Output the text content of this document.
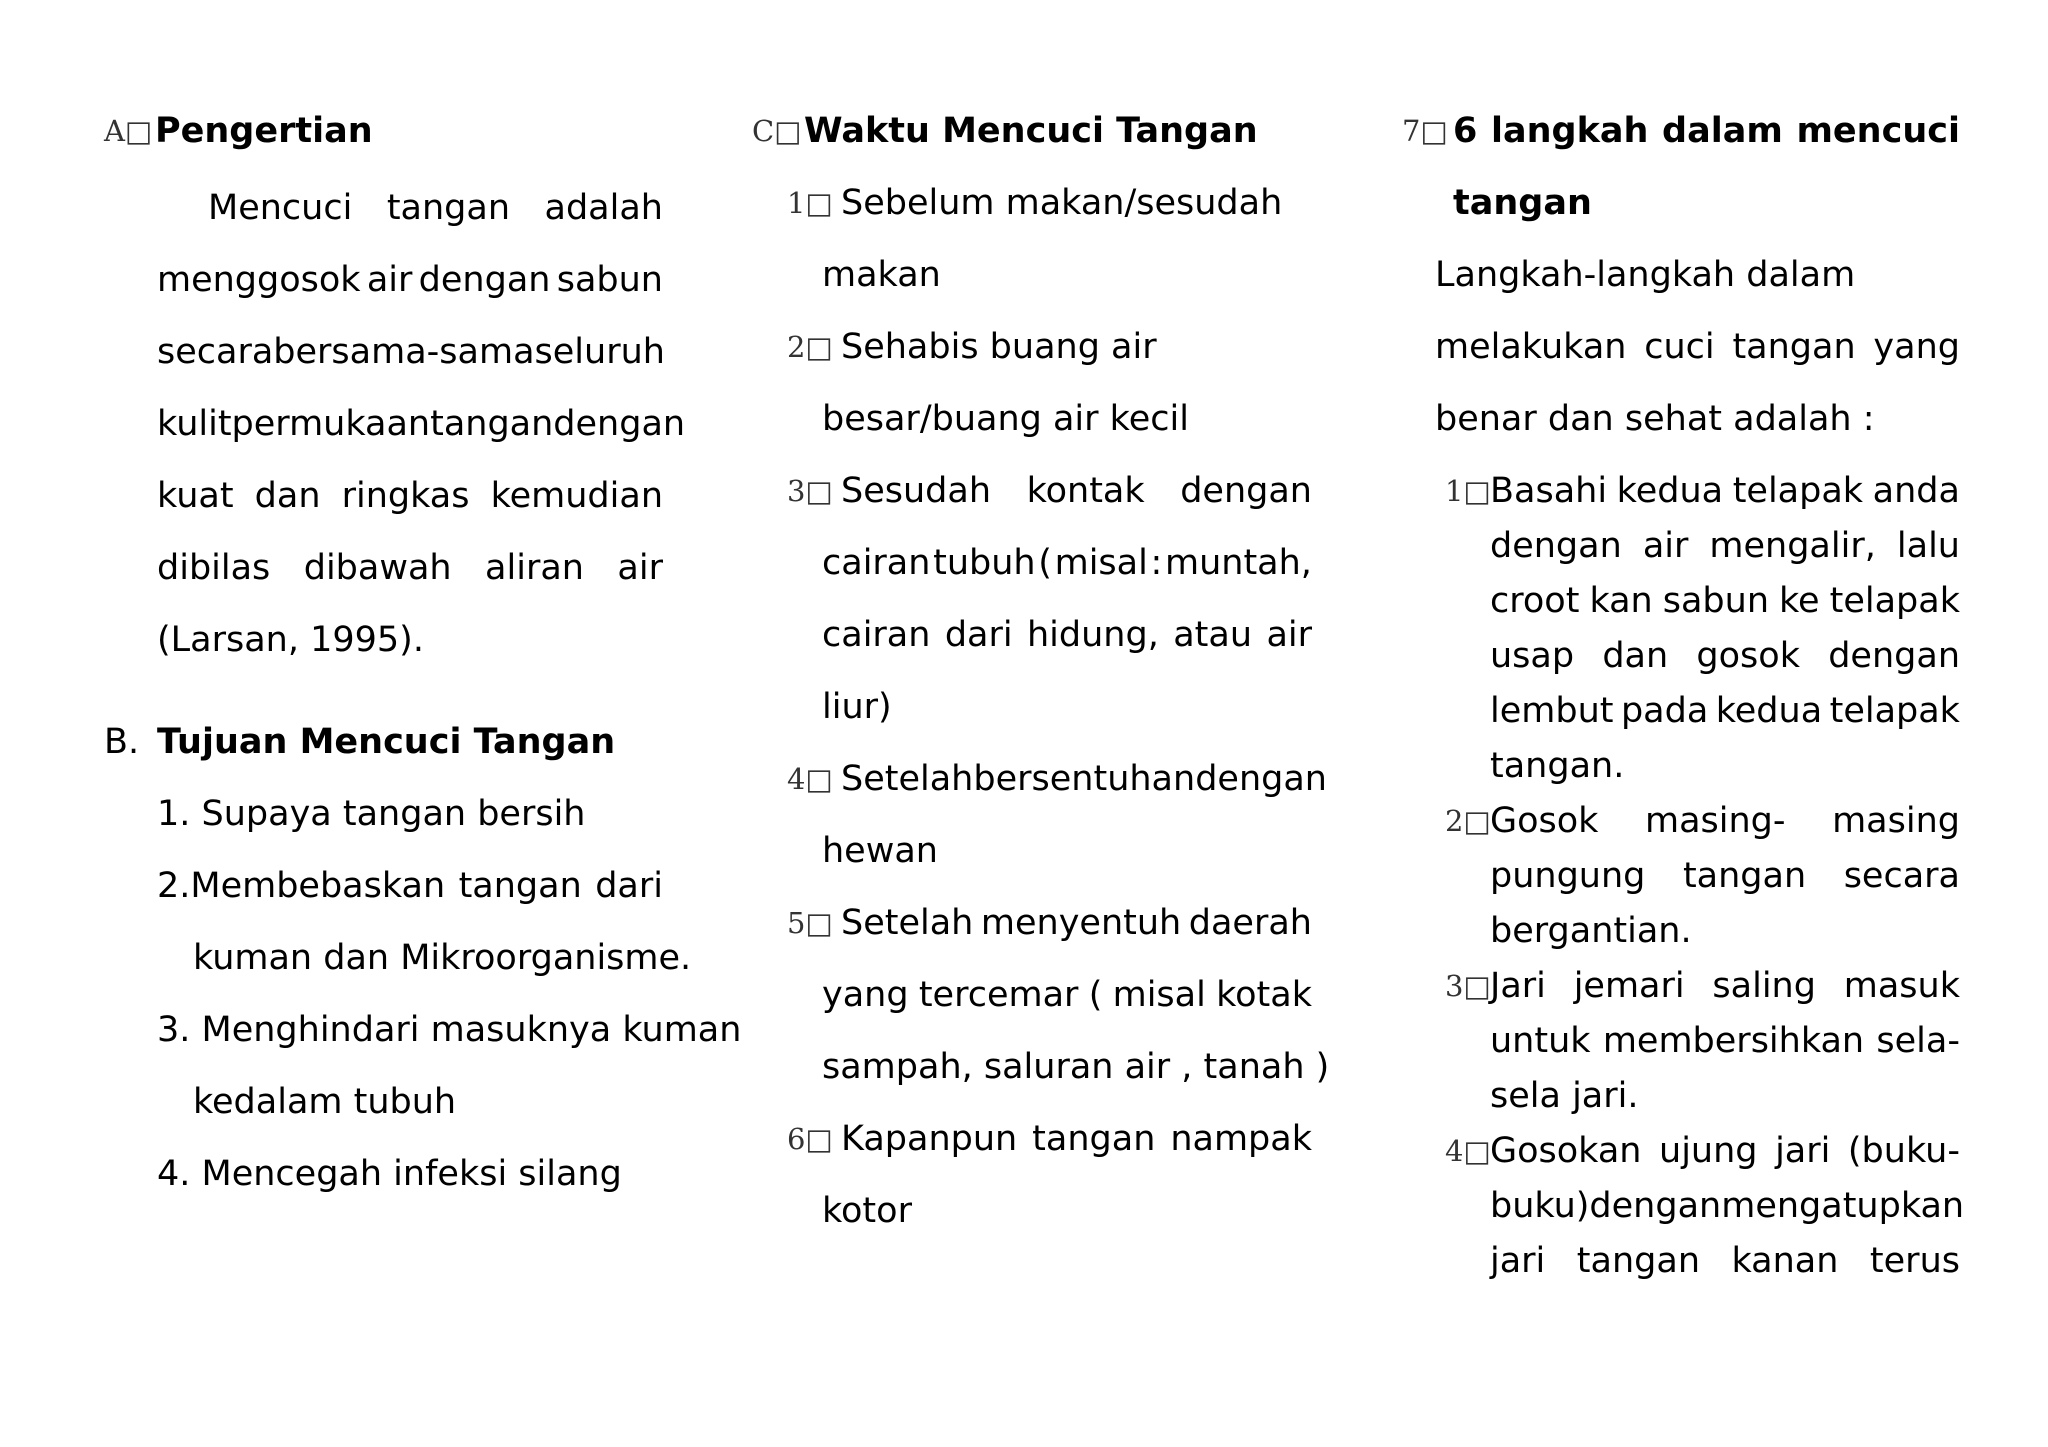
A□ Pengertian
Mencuci tangan adalah
menggosok air dengan sabun
secara bersama-sama seluruh
kulit permukaan tangan dengan
kuat dan ringkas kemudian
dibilas dibawah aliran air
(Larsan, 1995).
B. Tujuan Mencuci Tangan
1. Supaya tangan bersih
2.Membebaskan tangan dari
kuman dan Mikroorganisme.
3. Menghindari masuknya kuman
kedalam tubuh
4. Mencegah infeksi silang
C□ Waktu Mencuci Tangan
1□ Sebelum makan/sesudah
makan
2□ Sehabis buang air
besar/buang air kecil
3□ Sesudah kontak dengan
cairan tubuh ( misal : muntah,
cairan dari hidung, atau air
liur)
4□ Setelah bersentuhan dengan
hewan
5□ Setelah menyentuh daerah
yang tercemar ( misal kotak
sampah, saluran air , tanah )
6□ Kapanpun tangan nampak
kotor
7□ 6 langkah dalam mencuci
tangan
Langkah-langkah dalam
melakukan cuci tangan yang
benar dan sehat adalah :
1□ Basahi kedua telapak anda
dengan air mengalir, lalu
croot kan sabun ke telapak
usap dan gosok dengan
lembut pada kedua telapak
tangan.
2□ Gosok masing- masing
pungung tangan secara
bergantian.
3□ Jari jemari saling masuk
untuk membersihkan sela-
sela jari.
4□ Gosokan ujung jari (buku-
buku)dengan mengatupkan
jari tangan kanan terus
